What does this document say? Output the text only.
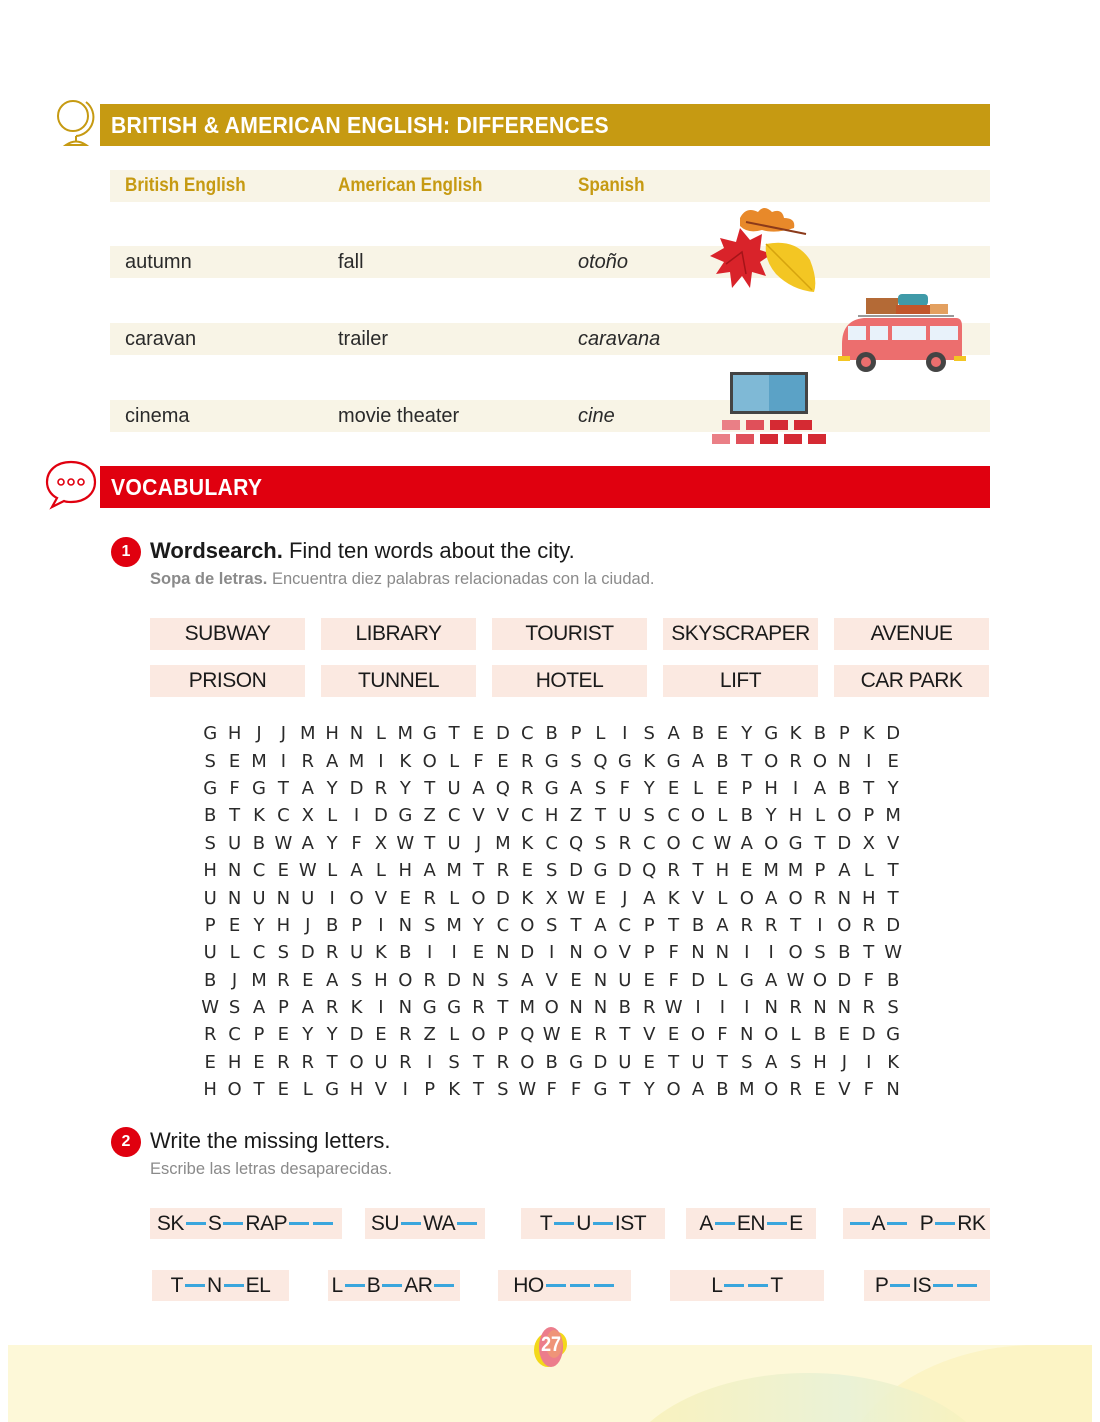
BRITISH & AMERICAN ENGLISH: DIFFERENCES
British English	American English	Spanish
autumn	fall	otoño
caravan	trailer	caravana
cinema	movie theater	cine
VOCABULARY
1 Wordsearch. Find ten words about the city.
Sopa de letras. Encuentra diez palabras relacionadas con la ciudad.
SUBWAY	LIBRARY	TOURIST	SKYSCRAPER	AVENUE
PRISON	TUNNEL	HOTEL	LIFT	CAR PARK
G H J	J M H N L M G T E D C B P L I S A B E Y G K B P K D
S E M I R A M I K O L F E R G S Q G K G A B T O R O N I E
G F G T A Y D R Y T U A Q R G A S F Y E L E P H I A B T Y
B T K C X L I D G Z C V V C H Z T U S C O L B Y H L O P M
S U B W A Y F X W T U J M K C Q S R C O C W A O G T D X V
H N C E W L A L H A M T R E S D G D Q R T H E M M P A L T
U N U N U I O V E R L O D K X W E J A K V L O A O R N H T
P E Y H J B P I N S M Y C O S T A C P T B A R R T I O R D
U L C S D R U K B I	I E N D I N O V P F N N I	I O S B T W
B J M R E A S H O R D N S A V E N U E F D L G A W O D F B
W S A P A R K I N G G R T M O N N B R W I	I	I N R N N R S
R C P E Y Y D E R Z L O P Q W E R T V E O F N O L B E D G
E H E R R T O U R I S T R O B G D U E T U T S A S H J	I K
H O T E L G H V I P K T S W F F G T Y O A B M O R E V F N
2 Write the missing letters.
Escribe las letras desaparecidas.
SK S RAP	SU WA	T U IST	A EN E	A P RK
T N EL	L B AR	HO	L T	P IS
27
